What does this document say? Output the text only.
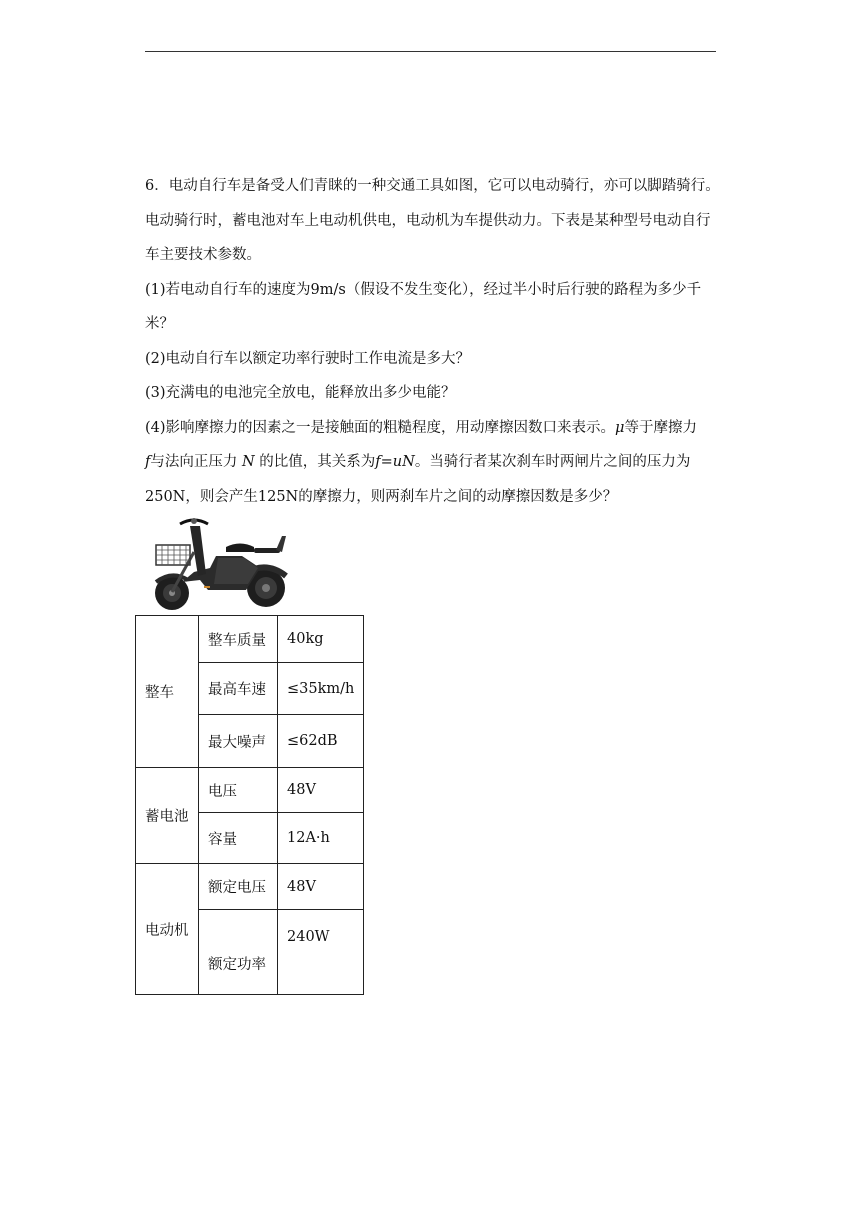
6．电动自行车是备受人们青睐的一种交通工具如图，它可以电动骑行，亦可以脚踏骑行。电动骑行时，蓄电池对车上电动机供电，电动机为车提供动力。下表是某种型号电动自行车主要技术参数。

(1)若电动自行车的速度为9m/s（假设不发生变化），经过半小时后行驶的路程为多少千米？

(2)电动自行车以额定功率行驶时工作电流是多大？

(3)充满电的电池完全放电，能释放出多少电能？

(4)影响摩擦力的因素之一是接触面的粗糙程度，用动摩擦因数口来表示。μ等于摩擦力
f与法向正压力 N 的比值，其关系为f=uN。当骑行者某次刹车时两闸片之间的压力为250N，则会产生125N的摩擦力，则两刹车片之间的动摩擦因数是多少？

整车	整车质量	40kg
	最高车速	≤35km/h
	最大噪声	≤62dB
蓄电池	电压	48V
	容量	12A·h
电动机	额定电压	48V
	额定功率	240W
